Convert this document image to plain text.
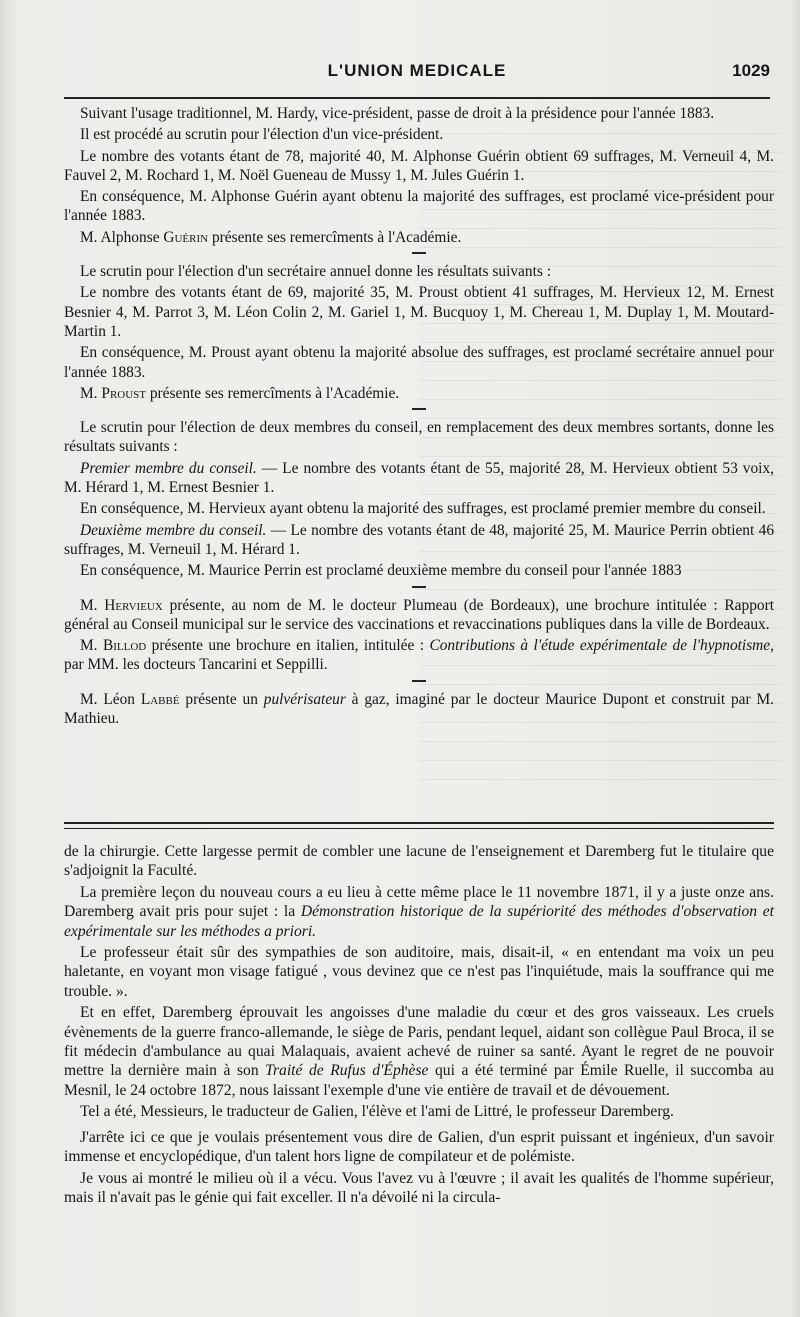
L'UNION MEDICALE	1029

Suivant l'usage traditionnel, M. Hardy, vice-président, passe de droit à la présidence pour l'année 1883.

Il est procédé au scrutin pour l'élection d'un vice-président.

Le nombre des votants étant de 78, majorité 40, M. Alphonse Guérin obtient 69 suffrages, M. Verneuil 4, M. Fauvel 2, M. Rochard 1, M. Noël Gueneau de Mussy 1, M. Jules Guérin 1.

En conséquence, M. Alphonse Guérin ayant obtenu la majorité des suffrages, est proclamé vice-président pour l'année 1883.

M. Alphonse Guérin présente ses remercîments à l'Académie.

Le scrutin pour l'élection d'un secrétaire annuel donne les résultats suivants :

Le nombre des votants étant de 69, majorité 35, M. Proust obtient 41 suffrages, M. Hervieux 12, M. Ernest Besnier 4, M. Parrot 3, M. Léon Colin 2, M. Gariel 1, M. Bucquoy 1, M. Chereau 1, M. Duplay 1, M. Moutard-Martin 1.

En conséquence, M. Proust ayant obtenu la majorité absolue des suffrages, est proclamé secrétaire annuel pour l'année 1883.

M. Proust présente ses remercîments à l'Académie.

Le scrutin pour l'élection de deux membres du conseil, en remplacement des deux membres sortants, donne les résultats suivants :

Premier membre du conseil. — Le nombre des votants étant de 55, majorité 28, M. Hervieux obtient 53 voix, M. Hérard 1, M. Ernest Besnier 1.

En conséquence, M. Hervieux ayant obtenu la majorité des suffrages, est proclamé premier membre du conseil.

Deuxième membre du conseil. — Le nombre des votants étant de 48, majorité 25, M. Maurice Perrin obtient 46 suffrages, M. Verneuil 1, M. Hérard 1.

En conséquence, M. Maurice Perrin est proclamé deuxième membre du conseil pour l'année 1883

M. Hervieux présente, au nom de M. le docteur Plumeau (de Bordeaux), une brochure intitulée : Rapport général au Conseil municipal sur le service des vaccinations et revaccinations publiques dans la ville de Bordeaux.

M. Billod présente une brochure en italien, intitulée : Contributions à l'étude expérimentale de l'hypnotisme, par MM. les docteurs Tancarini et Seppilli.

M. Léon Labbé présente un pulvérisateur à gaz, imaginé par le docteur Maurice Dupont et construit par M. Mathieu.

de la chirurgie. Cette largesse permit de combler une lacune de l'enseignement et Daremberg fut le titulaire que s'adjoignit la Faculté.

La première leçon du nouveau cours a eu lieu à cette même place le 11 novembre 1871, il y a juste onze ans. Daremberg avait pris pour sujet : la Démonstration historique de la supériorité des méthodes d'observation et expérimentale sur les méthodes a priori.

Le professeur était sûr des sympathies de son auditoire, mais, disait-il, « en entendant ma voix un peu haletante, en voyant mon visage fatigué , vous devinez que ce n'est pas l'inquiétude, mais la souffrance qui me trouble. ».

Et en effet, Daremberg éprouvait les angoisses d'une maladie du cœur et des gros vaisseaux. Les cruels évènements de la guerre franco-allemande, le siège de Paris, pendant lequel, aidant son collègue Paul Broca, il se fit médecin d'ambulance au quai Malaquais, avaient achevé de ruiner sa santé. Ayant le regret de ne pouvoir mettre la dernière main à son Traité de Rufus d'Éphèse qui a été terminé par Émile Ruelle, il succomba au Mesnil, le 24 octobre 1872, nous laissant l'exemple d'une vie entière de travail et de dévouement.

Tel a été, Messieurs, le traducteur de Galien, l'élève et l'ami de Littré, le professeur Daremberg.

J'arrête ici ce que je voulais présentement vous dire de Galien, d'un esprit puissant et ingénieux, d'un savoir immense et encyclopédique, d'un talent hors ligne de compilateur et de polémiste.

Je vous ai montré le milieu où il a vécu. Vous l'avez vu à l'œuvre ; il avait les qualités de l'homme supérieur, mais il n'avait pas le génie qui fait exceller. Il n'a dévoilé ni la circula-
